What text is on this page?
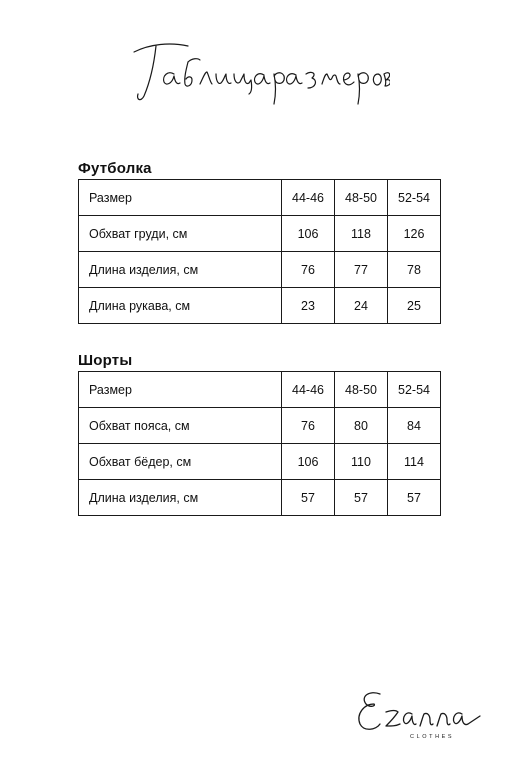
Футболка
Размер	44-46	48-50	52-54
Обхват груди, см	106	118	126
Длина изделия, см	76	77	78
Длина рукава, см	23	24	25
Шорты
Размер	44-46	48-50	52-54
Обхват пояса, см	76	80	84
Обхват бёдер, см	106	110	114
Длина изделия, см	57	57	57
CLOTHES
